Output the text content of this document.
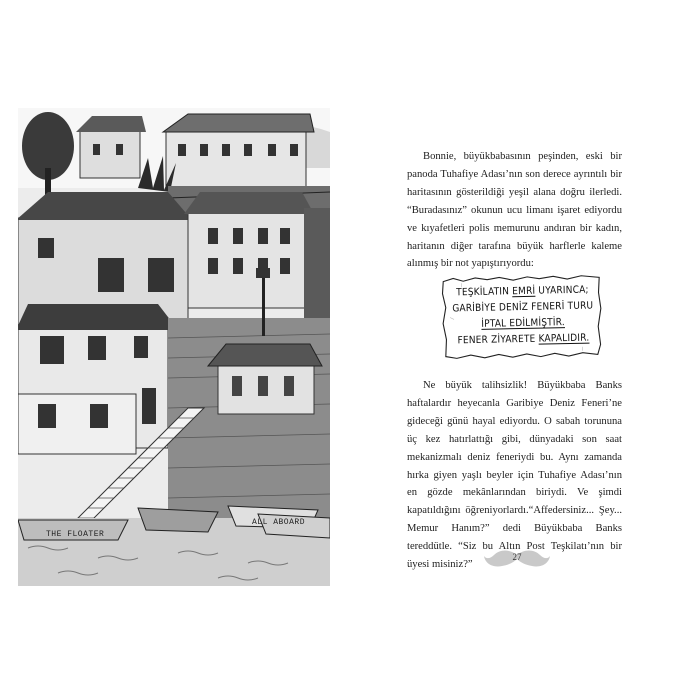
THE FLOATER
ALL ABOARD

Bonnie, büyükbabasının peşinden, eski bir panoda Tuhafiye Adası’nın son derece ayrıntılı bir haritasının gösterildiği yeşil alana doğru ilerledi. “Buradasınız” okunun ucu limanı işaret ediyordu ve kıyafetleri polis memurunu andıran bir kadın, haritanın diğer tarafına büyük harflerle kaleme alınmış bir not yapıştırıyordu:

TEŞKİLATIN EMRİ UYARINCA;
GARİBİYE DENİZ FENERİ TURU
İPTAL EDİLMİŞTİR.
FENER ZİYARETE KAPALIDIR.

Ne büyük talihsizlik! Büyükbaba Banks haftalardır heyecanla Garibiye Deniz Feneri’ne gideceği günü hayal ediyordu. O sabah torununa üç kez hatırlattığı gibi, dünyadaki son saat mekanizmalı deniz feneriydi bu. Aynı zamanda hırka giyen yaşlı beyler için Tuhafiye Adası’nın en gözde mekânlarından biriydi. Ve şimdi kapatıldığını öğreniyorlardı.“Affedersiniz... Şey... Memur Hanım?” dedi Büyükbaba Banks tereddütle. “Siz bu Altın Post Teşkilatı’nın bir üyesi misiniz?”

27
